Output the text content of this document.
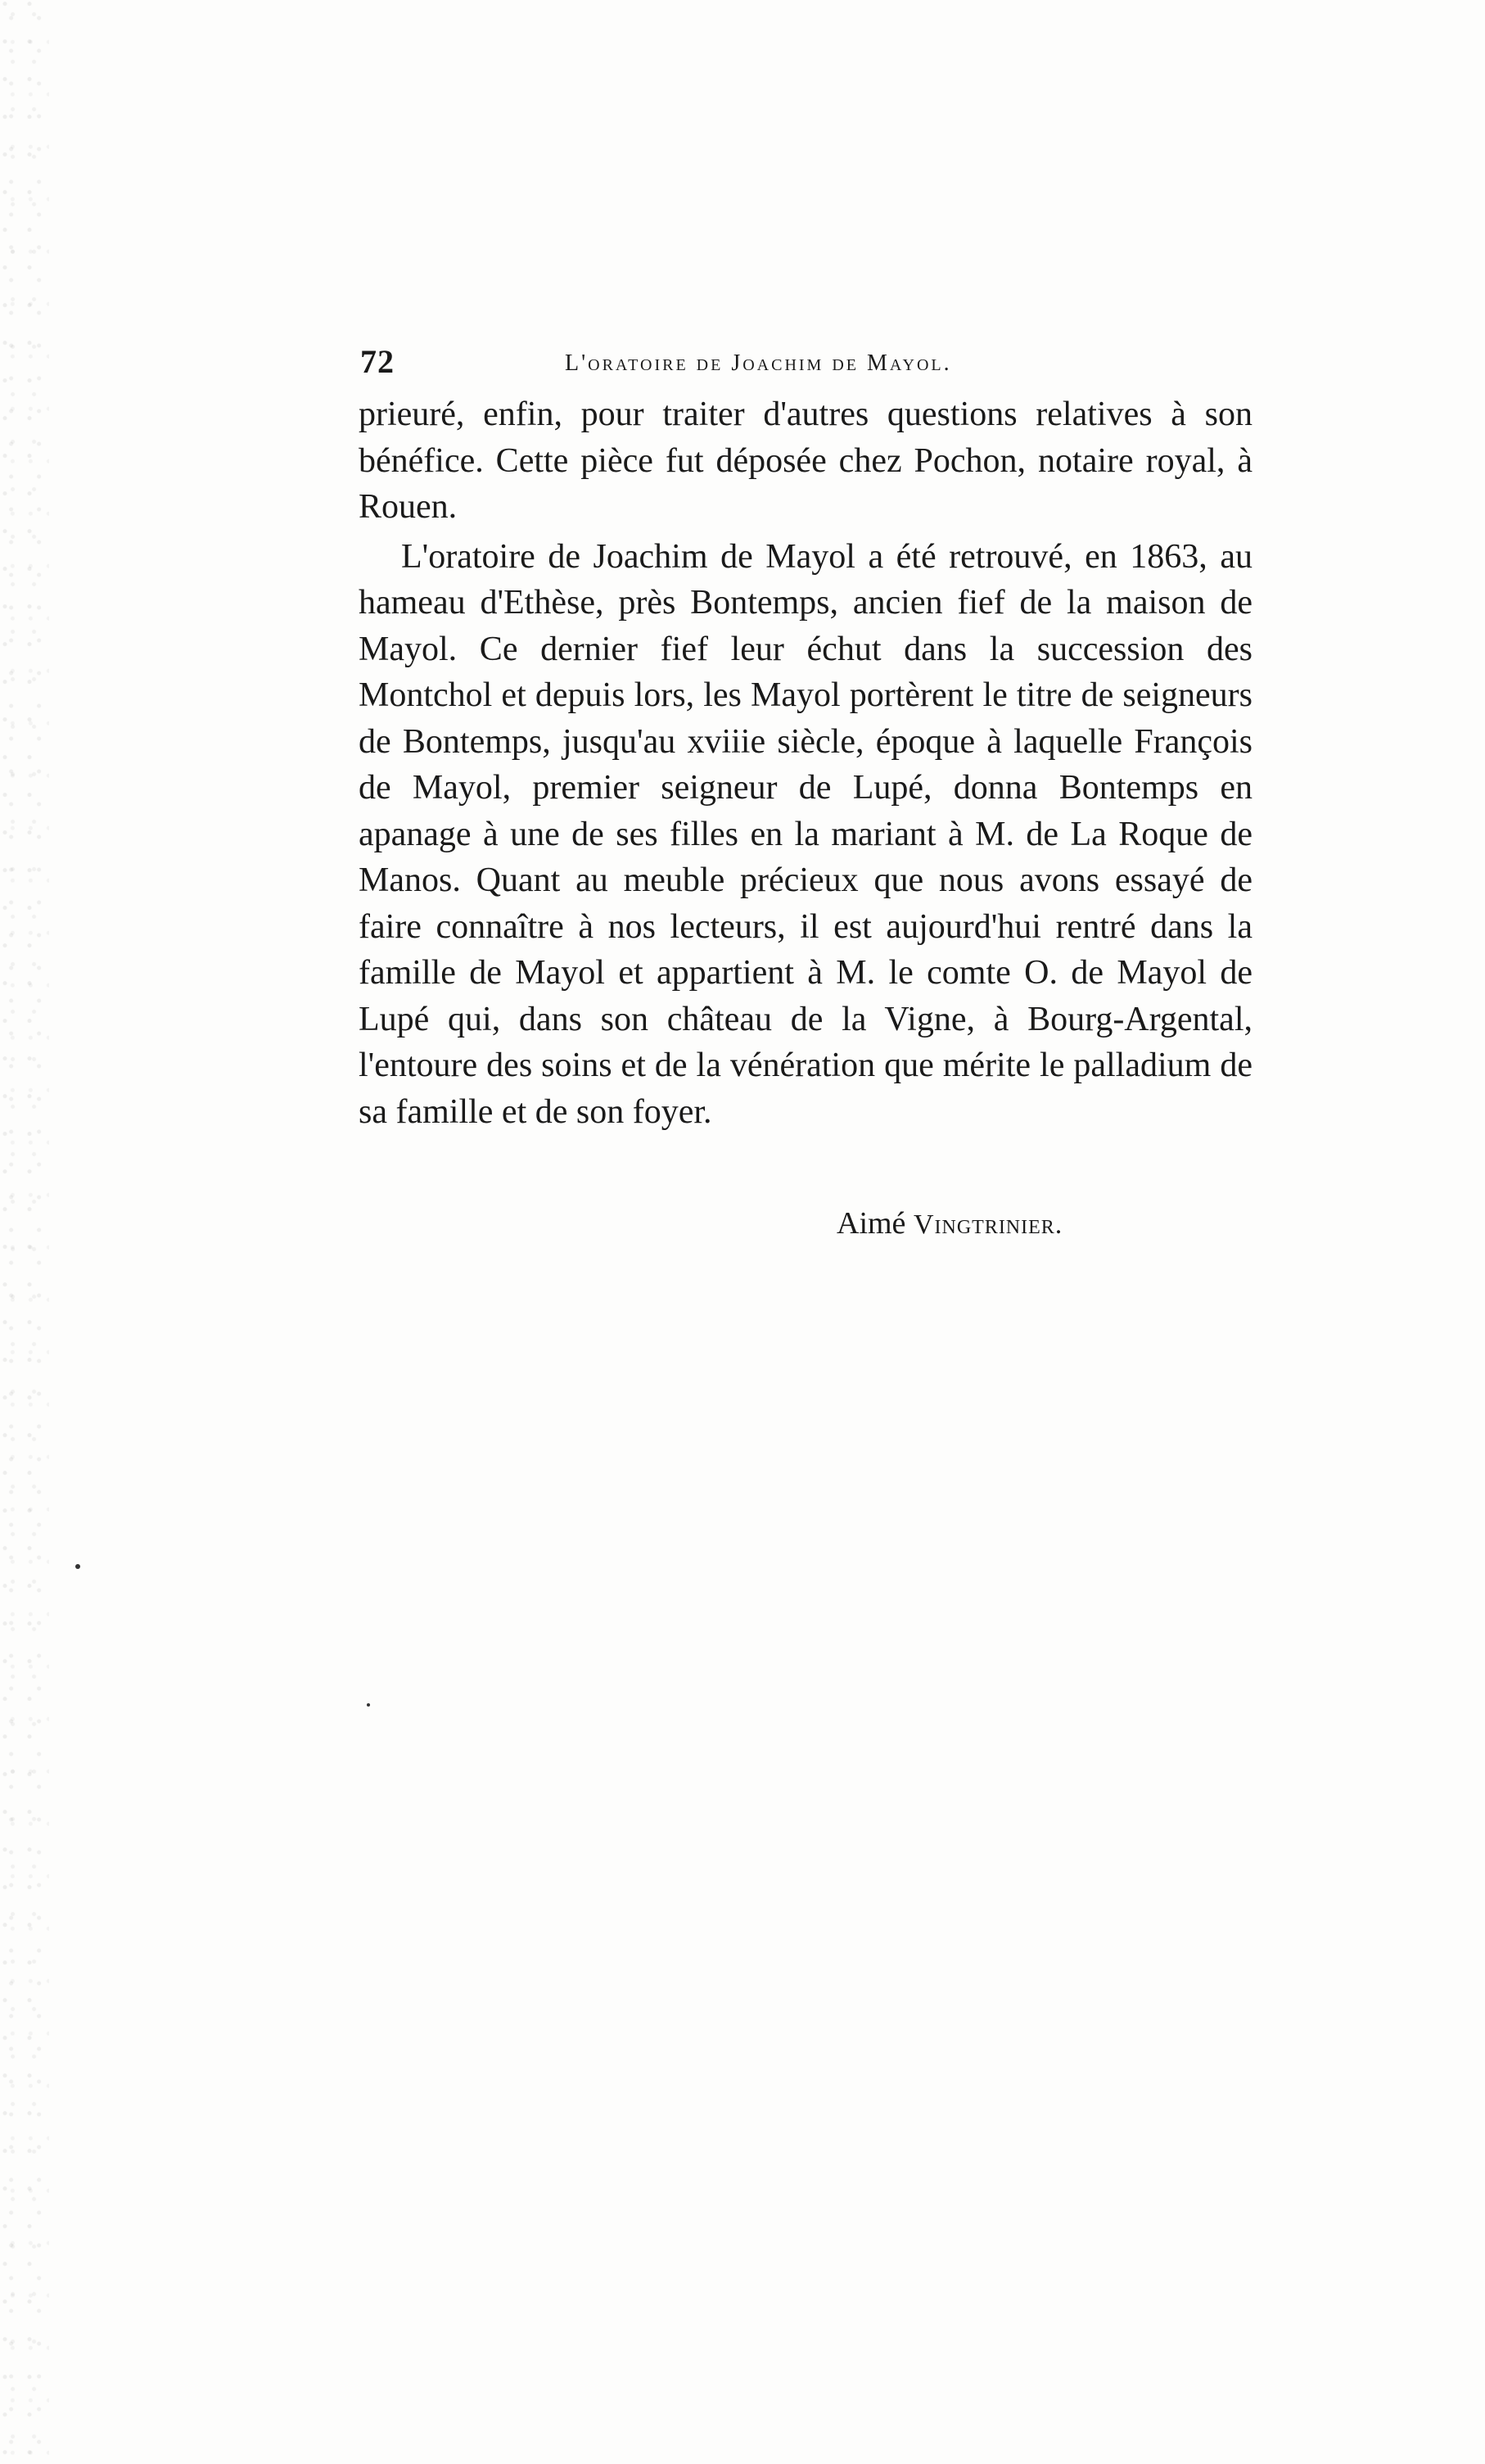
72	L'oratoire de Joachim de Mayol.

prieuré, enfin, pour traiter d'autres questions relatives à son bénéfice. Cette pièce fut déposée chez Pochon, notaire royal, à Rouen.

L'oratoire de Joachim de Mayol a été retrouvé, en 1863, au hameau d'Ethèse, près Bontemps, ancien fief de la maison de Mayol. Ce dernier fief leur échut dans la succession des Montchol et depuis lors, les Mayol portèrent le titre de seigneurs de Bontemps, jusqu'au xviiie siècle, époque à laquelle François de Mayol, premier seigneur de Lupé, donna Bontemps en apanage à une de ses filles en la mariant à M. de La Roque de Manos. Quant au meuble précieux que nous avons essayé de faire connaître à nos lecteurs, il est aujourd'hui rentré dans la famille de Mayol et appartient à M. le comte O. de Mayol de Lupé qui, dans son château de la Vigne, à Bourg-Argental, l'entoure des soins et de la vénération que mérite le palladium de sa famille et de son foyer.

Aimé Vingtrinier.
